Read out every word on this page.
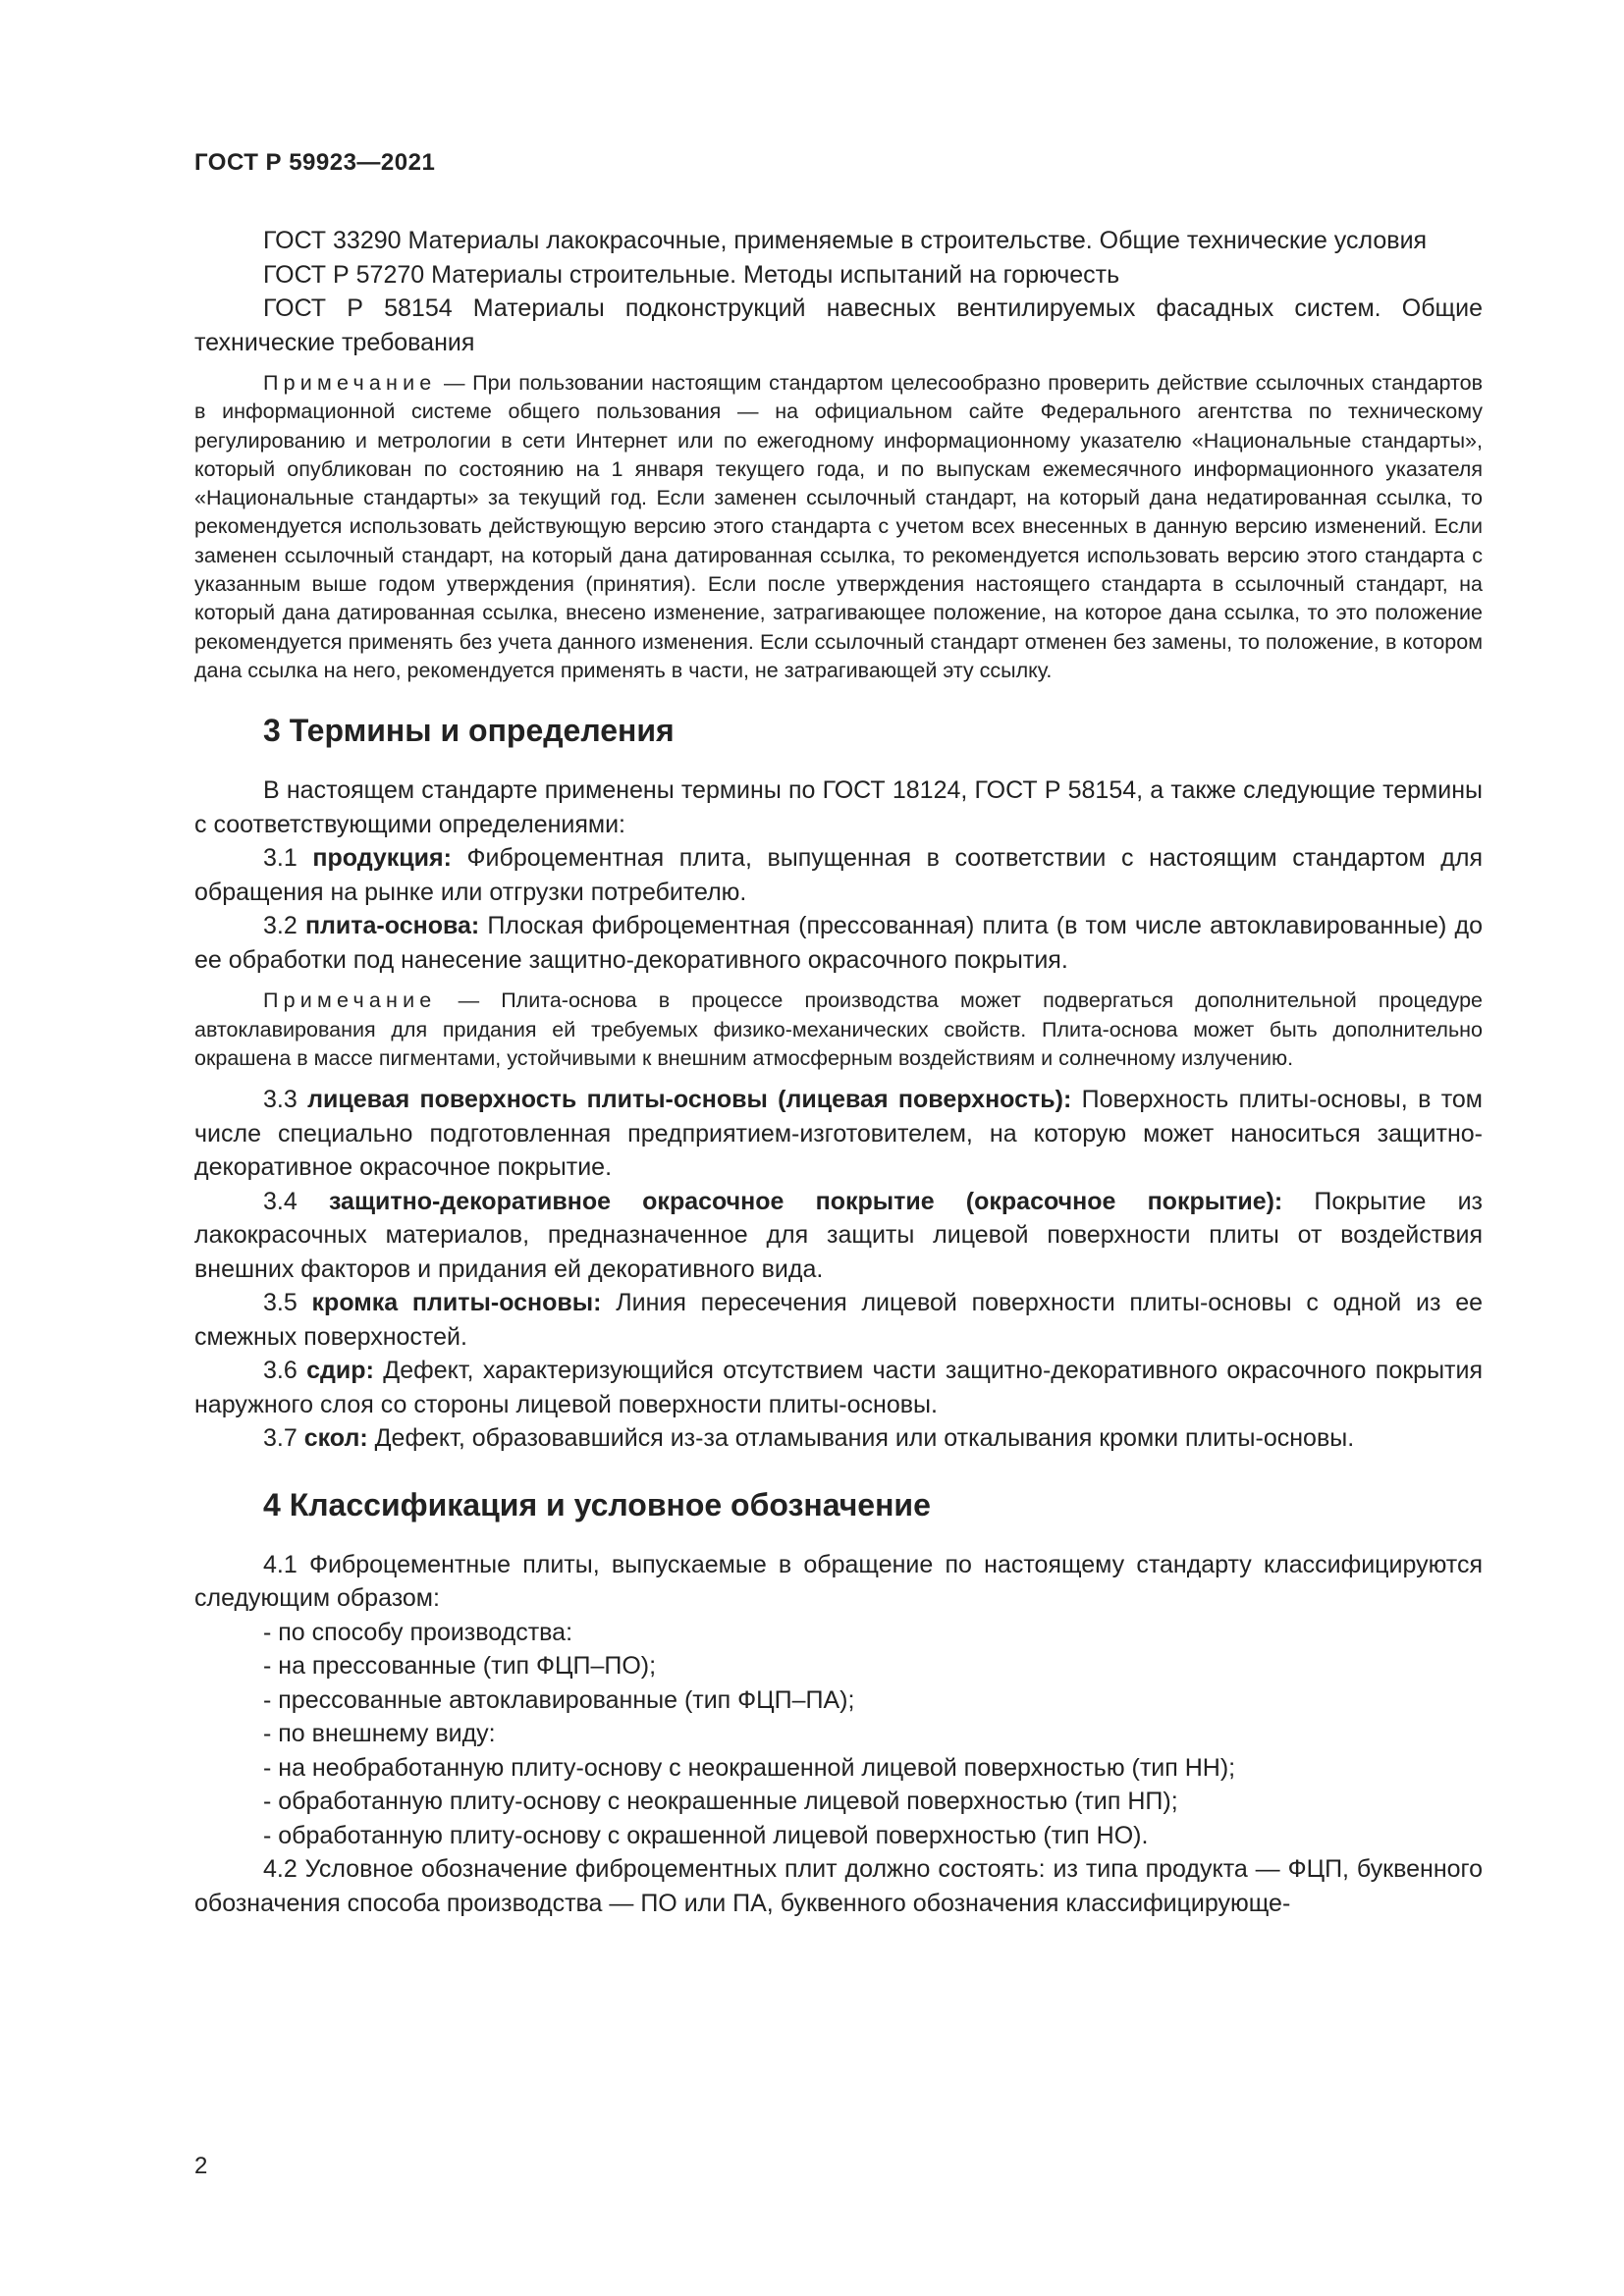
ГОСТ Р 59923—2021

ГОСТ 33290 Материалы лакокрасочные, применяемые в строительстве. Общие технические условия

ГОСТ Р 57270 Материалы строительные. Методы испытаний на горючесть

ГОСТ Р 58154 Материалы подконструкций навесных вентилируемых фасадных систем. Общие технические требования

Примечание — При пользовании настоящим стандартом целесообразно проверить действие ссылочных стандартов в информационной системе общего пользования — на официальном сайте Федерального агентства по техническому регулированию и метрологии в сети Интернет или по ежегодному информационному указателю «Национальные стандарты», который опубликован по состоянию на 1 января текущего года, и по выпускам ежемесячного информационного указателя «Национальные стандарты» за текущий год. Если заменен ссылочный стандарт, на который дана недатированная ссылка, то рекомендуется использовать действующую версию этого стандарта с учетом всех внесенных в данную версию изменений. Если заменен ссылочный стандарт, на который дана датированная ссылка, то рекомендуется использовать версию этого стандарта с указанным выше годом утверждения (принятия). Если после утверждения настоящего стандарта в ссылочный стандарт, на который дана датированная ссылка, внесено изменение, затрагивающее положение, на которое дана ссылка, то это положение рекомендуется применять без учета данного изменения. Если ссылочный стандарт отменен без замены, то положение, в котором дана ссылка на него, рекомендуется применять в части, не затрагивающей эту ссылку.

3 Термины и определения

В настоящем стандарте применены термины по ГОСТ 18124, ГОСТ Р 58154, а также следующие термины с соответствующими определениями:

3.1 продукция: Фиброцементная плита, выпущенная в соответствии с настоящим стандартом для обращения на рынке или отгрузки потребителю.

3.2 плита-основа: Плоская фиброцементная (прессованная) плита (в том числе автоклавированные) до ее обработки под нанесение защитно-декоративного окрасочного покрытия.

Примечание — Плита-основа в процессе производства может подвергаться дополнительной процедуре автоклавирования для придания ей требуемых физико-механических свойств. Плита-основа может быть дополнительно окрашена в массе пигментами, устойчивыми к внешним атмосферным воздействиям и солнечному излучению.

3.3 лицевая поверхность плиты-основы (лицевая поверхность): Поверхность плиты-основы, в том числе специально подготовленная предприятием-изготовителем, на которую может наноситься защитно-декоративное окрасочное покрытие.

3.4 защитно-декоративное окрасочное покрытие (окрасочное покрытие): Покрытие из лакокрасочных материалов, предназначенное для защиты лицевой поверхности плиты от воздействия внешних факторов и придания ей декоративного вида.

3.5 кромка плиты-основы: Линия пересечения лицевой поверхности плиты-основы с одной из ее смежных поверхностей.

3.6 сдир: Дефект, характеризующийся отсутствием части защитно-декоративного окрасочного покрытия наружного слоя со стороны лицевой поверхности плиты-основы.

3.7 скол: Дефект, образовавшийся из-за отламывания или откалывания кромки плиты-основы.

4 Классификация и условное обозначение

4.1 Фиброцементные плиты, выпускаемые в обращение по настоящему стандарту классифицируются следующим образом:

- по способу производства:

- на прессованные (тип ФЦП–ПО);

- прессованные автоклавированные (тип ФЦП–ПА);

- по внешнему виду:

- на необработанную плиту-основу с неокрашенной лицевой поверхностью (тип НН);

- обработанную плиту-основу с неокрашенные лицевой поверхностью (тип НП);

- обработанную плиту-основу с окрашенной лицевой поверхностью (тип НО).

4.2 Условное обозначение фиброцементных плит должно состоять: из типа продукта — ФЦП, буквенного обозначения способа производства — ПО или ПА, буквенного обозначения классифицирующе-

2
